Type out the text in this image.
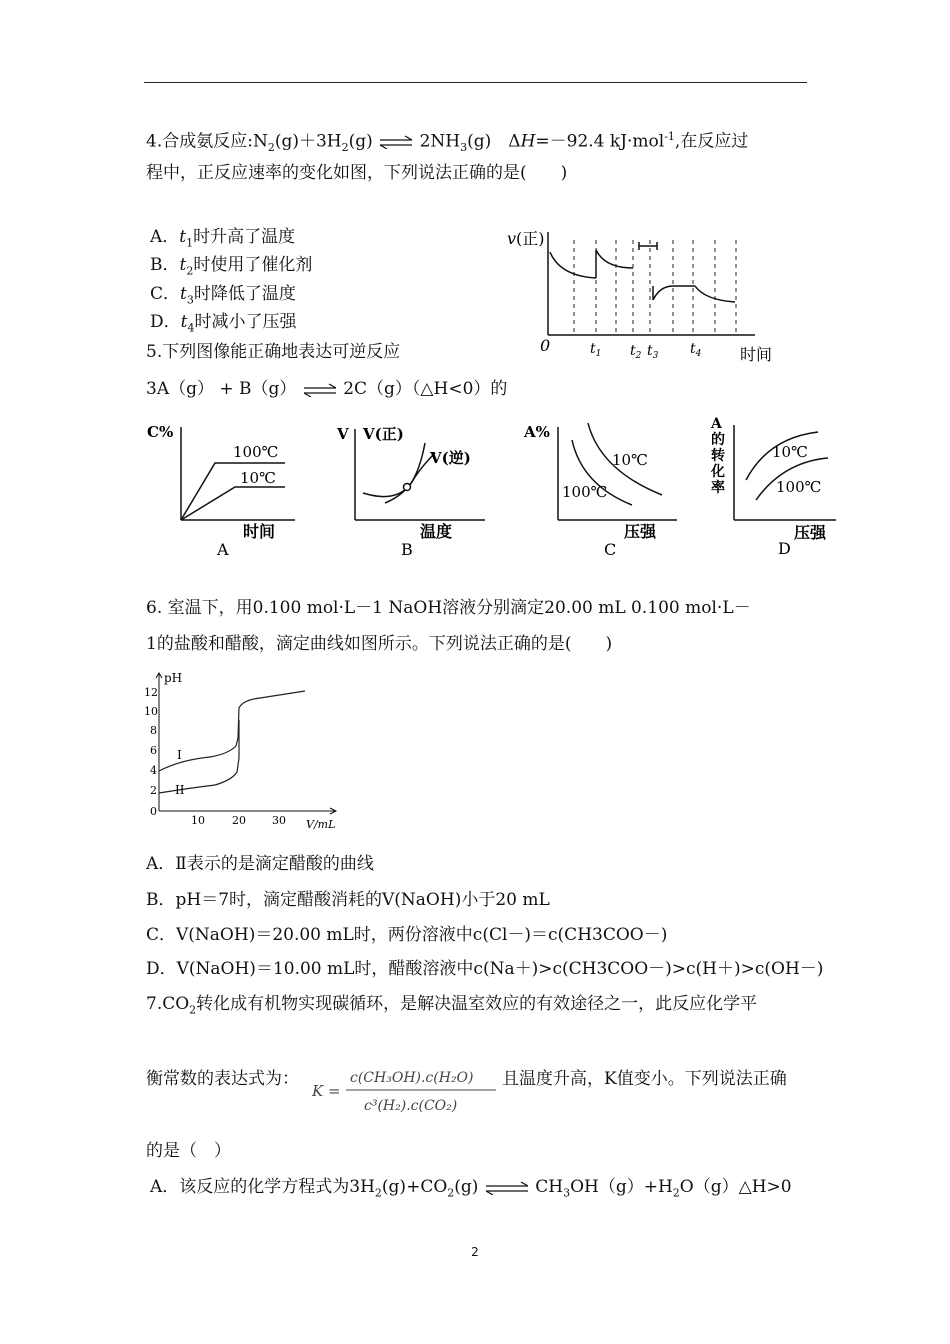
4.合成氨反应$:N_2(g)+3H_2(g)$ ⇌ $2NH_3(g)$　ΔH=－92.4 kJ·mol$^{-1}$,在反应过
程中，正反应速率的变化如图，下列说法正确的是(　　)
A．$t_1$时升高了温度
B．$t_2$时使用了催化剂
C．$t_3$时降低了温度
D．$t_4$时减小了压强
v(正)
0	$t_1$ $t_2$ $t_3$ $t_4$ 时间
5.下列图像能正确地表达可逆反应
3A（g） + B（g） ⇌ 2C（g）（△H<0）的
C%
100℃
10℃
时间
A
V V(正)
V(逆)
温度
B
A%
10℃
100℃
压强
C
A
的
转
化
率
10℃
100℃
压强
D
6. 室温下，用0.100 mol·L－1 NaOH溶液分别滴定20.00 mL 0.100 mol·L－
1的盐酸和醋酸，滴定曲线如图所示。下列说法正确的是(　　)
12
10
8
6
4
2
0
pH
10 20 30 V/mL
I
II
A．Ⅱ表示的是滴定醋酸的曲线
B．pH＝7时，滴定醋酸消耗的V(NaOH)小于20 mL
C．V(NaOH)＝20.00 mL时，两份溶液中c(Cl－)＝c(CH3COO－)
D．V(NaOH)＝10.00 mL时，醋酸溶液中c(Na＋)>c(CH3COO－)>c(H＋)>c(OH－)
$7.CO_2$转化成有机物实现碳循环，是解决温室效应的有效途径之一，此反应化学平
衡常数的表达式为：
K =
c(CH₃OH).c(H₂O)
c³(H₂).c(CO₂)
且温度升高，K值变小。下列说法正确
的是（　）
A．该反应的化学方程式为$3H_2(g)+CO_2(g)$ ⇌ $CH_3OH(g)+H_2O(g)\triangle H>0$
2
